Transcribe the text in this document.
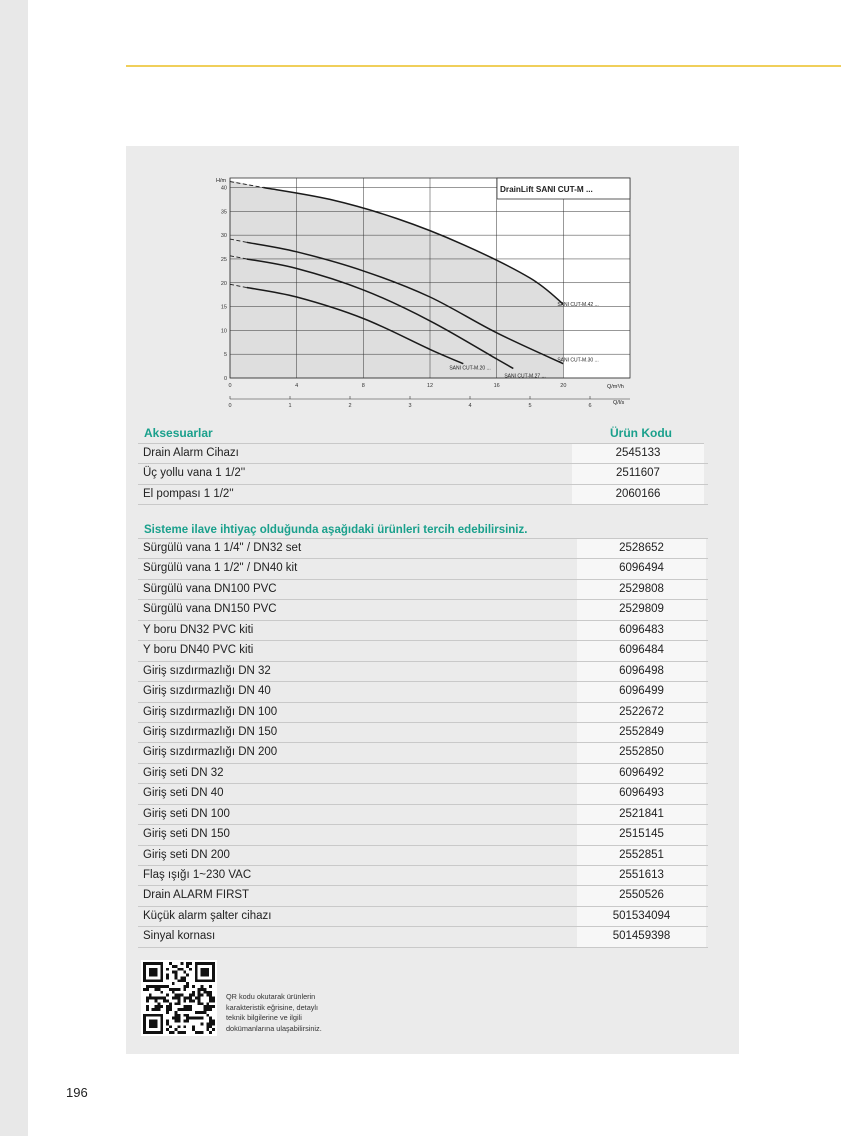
DrainLift SANI CUT-M ...
H/m
Q/m³/h
Q/l/s
0
5
10
15
20
25
30
35
40
0	4	8	12	16	20
0	1	2	3	4	5	6
SANI CUT-M.42 ...
SANI CUT-M.30 ...
SANI CUT-M.27 ...
SANI CUT-M.20 ...
Aksesuarlar	Ürün Kodu
Drain Alarm Cihazı	2545133
Üç yollu vana 1 1/2''	2511607
El pompası 1 1/2''	2060166
Sisteme ilave ihtiyaç olduğunda aşağıdaki ürünleri tercih edebilirsiniz.
Sürgülü vana 1 1/4" / DN32 set	2528652
Sürgülü vana 1 1/2" / DN40 kit	6096494
Sürgülü vana DN100 PVC	2529808
Sürgülü vana DN150 PVC	2529809
Y boru DN32 PVC kiti	6096483
Y boru DN40 PVC kiti	6096484
Giriş sızdırmazlığı DN 32	6096498
Giriş sızdırmazlığı DN 40	6096499
Giriş sızdırmazlığı DN 100	2522672
Giriş sızdırmazlığı DN 150	2552849
Giriş sızdırmazlığı DN 200	2552850
Giriş seti DN 32	6096492
Giriş seti DN 40	6096493
Giriş seti DN 100	2521841
Giriş seti DN 150	2515145
Giriş seti DN 200	2552851
Flaş ışığı 1~230 VAC	2551613
Drain ALARM FIRST	2550526
Küçük alarm şalter cihazı	501534094
Sinyal kornası	501459398
QR kodu okutarak ürünlerin
karakteristik eğrisine, detaylı
teknik bilgilerine ve ilgili
dokümanlarına ulaşabilirsiniz.
196
